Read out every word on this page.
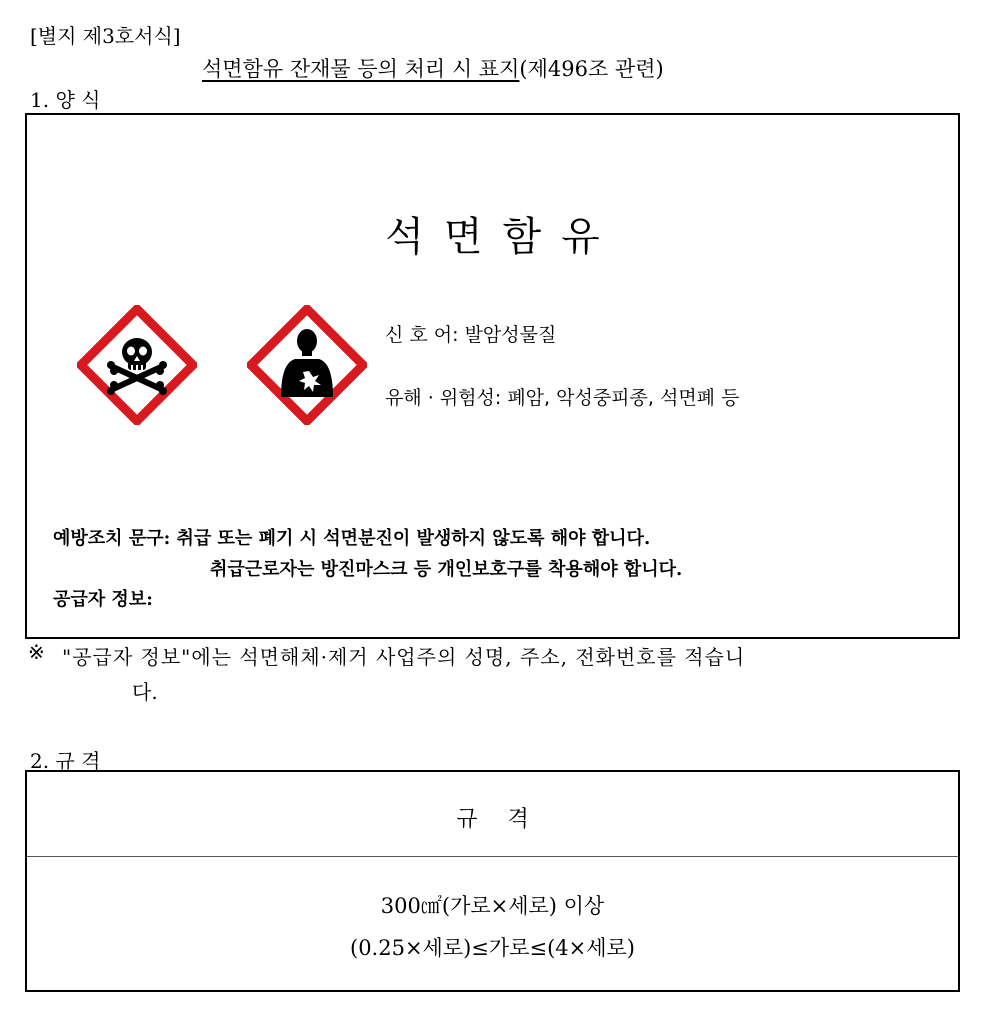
[별지 제3호서식]
석면함유 잔재물 등의 처리 시 표지(제496조 관련)
1. 양 식
석면함유
신 호 어: 발암성물질
유해 · 위험성: 폐암, 악성중피종, 석면폐 등
예방조치 문구: 취급 또는 폐기 시 석면분진이 발생하지 않도록 해야 합니다.
취급근로자는 방진마스크 등 개인보호구를 착용해야 합니다.
공급자 정보:
※ "공급자 정보"에는 석면해체·제거 사업주의 성명, 주소, 전화번호를 적습니
다.
2. 규 격
규격
300㎠(가로×세로) 이상
(0.25×세로)≤가로≤(4×세로)
